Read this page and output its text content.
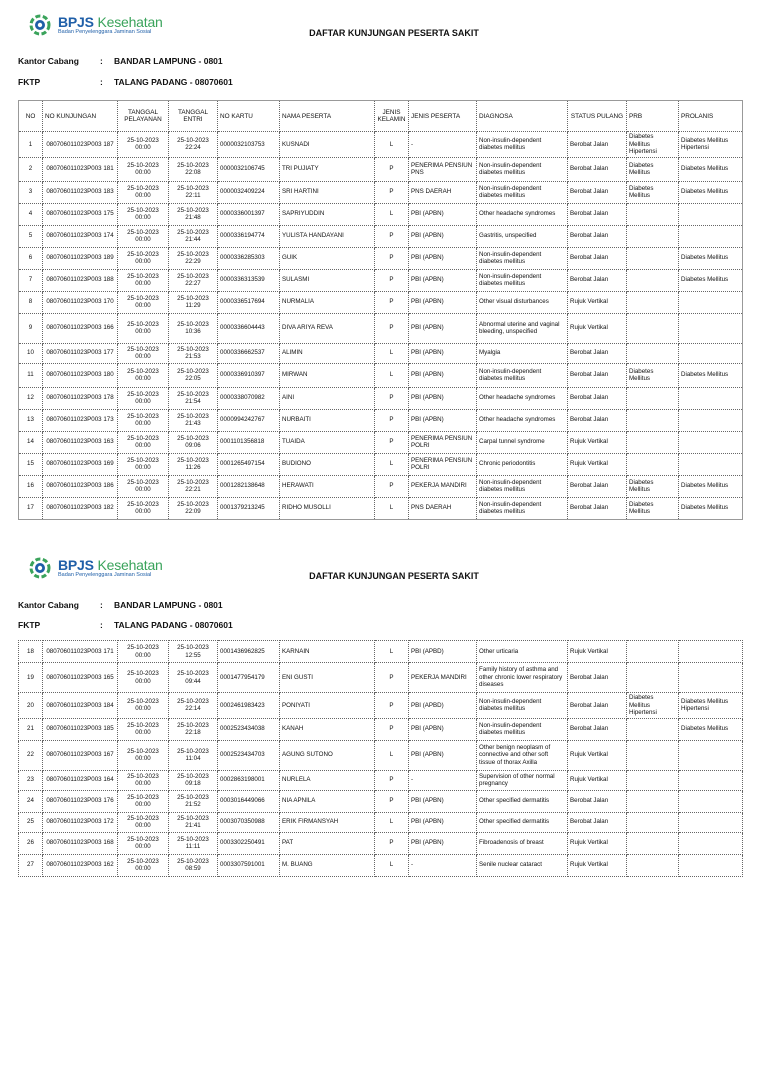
BPJS Kesehatan
Badan Penyelenggara Jaminan Sosial	DAFTAR KUNJUNGAN PESERTA SAKIT
Kantor Cabang : BANDAR LAMPUNG - 0801
FKTP	: TALANG PADANG - 08070601
NO	NO KUNJUNGAN	TANGGAL PELAYANAN	TANGGAL ENTRI	NO KARTU	NAMA PESERTA	JENIS KELAMIN	JENIS PESERTA	DIAGNOSA	STATUS PULANG	PRB	PROLANIS
1	080706011023P003 187	25-10-2023 00:00	25-10-2023 22:24	0000032103753	KUSNADI	L	-	Non-insulin-dependent diabetes mellitus	Berobat Jalan	Diabetes Mellitus Hipertensi	Diabetes Mellitus Hipertensi
2	080706011023P003 181	25-10-2023 00:00	25-10-2023 22:08	0000032106745	TRI PUJIATY	P	PENERIMA PENSIUN PNS	Non-insulin-dependent diabetes mellitus	Berobat Jalan	Diabetes Mellitus	Diabetes Mellitus
3	080706011023P003 183	25-10-2023 00:00	25-10-2023 22:11	0000032409224	SRI HARTINI	P	PNS DAERAH	Non-insulin-dependent diabetes mellitus	Berobat Jalan	Diabetes Mellitus	Diabetes Mellitus
4	080706011023P003 175	25-10-2023 00:00	25-10-2023 21:48	0000336001397	SAPRIYUDDIN	L	PBI (APBN)	Other headache syndromes	Berobat Jalan		
5	080706011023P003 174	25-10-2023 00:00	25-10-2023 21:44	0000336194774	YULISTA HANDAYANI	P	PBI (APBN)	Gastritis, unspecified	Berobat Jalan		
6	080706011023P003 189	25-10-2023 00:00	25-10-2023 22:29	0000336285303	GUIK	P	PBI (APBN)	Non-insulin-dependent diabetes mellitus	Berobat Jalan		Diabetes Mellitus
7	080706011023P003 188	25-10-2023 00:00	25-10-2023 22:27	0000336313539	SULASMI	P	PBI (APBN)	Non-insulin-dependent diabetes mellitus	Berobat Jalan		Diabetes Mellitus
8	080706011023P003 170	25-10-2023 00:00	25-10-2023 11:29	0000336517694	NURMALIA	P	PBI (APBN)	Other visual disturbances	Rujuk Vertikal		
9	080706011023P003 166	25-10-2023 00:00	25-10-2023 10:36	0000336604443	DIVA ARIYA REVA	P	PBI (APBN)	Abnormal uterine and vaginal bleeding, unspecified	Rujuk Vertikal		
10	080706011023P003 177	25-10-2023 00:00	25-10-2023 21:53	0000336662537	ALIMIN	L	PBI (APBN)	Myalgia	Berobat Jalan		
11	080706011023P003 180	25-10-2023 00:00	25-10-2023 22:05	0000336910397	MIRWAN	L	PBI (APBN)	Non-insulin-dependent diabetes mellitus	Berobat Jalan	Diabetes Mellitus	Diabetes Mellitus
12	080706011023P003 178	25-10-2023 00:00	25-10-2023 21:54	0000338070982	AINI	P	PBI (APBN)	Other headache syndromes	Berobat Jalan		
13	080706011023P003 173	25-10-2023 00:00	25-10-2023 21:43	0000994242767	NURBAITI	P	PBI (APBN)	Other headache syndromes	Berobat Jalan		
14	080706011023P003 163	25-10-2023 00:00	25-10-2023 09:06	0001101356818	TUAIDA	P	PENERIMA PENSIUN POLRI	Carpal tunnel syndrome	Rujuk Vertikal		
15	080706011023P003 169	25-10-2023 00:00	25-10-2023 11:26	0001265497154	BUDIONO	L	PENERIMA PENSIUN POLRI	Chronic periodontitis	Rujuk Vertikal		
16	080706011023P003 186	25-10-2023 00:00	25-10-2023 22:21	0001282138648	HERAWATI	P	PEKERJA MANDIRI	Non-insulin-dependent diabetes mellitus	Berobat Jalan	Diabetes Mellitus	Diabetes Mellitus
17	080706011023P003 182	25-10-2023 00:00	25-10-2023 22:09	0001379213245	RIDHO MUSOLLI	L	PNS DAERAH	Non-insulin-dependent diabetes mellitus	Berobat Jalan	Diabetes Mellitus	Diabetes Mellitus
BPJS Kesehatan
Badan Penyelenggara Jaminan Sosial	DAFTAR KUNJUNGAN PESERTA SAKIT
Kantor Cabang : BANDAR LAMPUNG - 0801
FKTP	: TALANG PADANG - 08070601
18	080706011023P003 171	25-10-2023 00:00	25-10-2023 12:55	0001436962825	KARNAIN	L	PBI (APBD)	Other urticaria	Rujuk Vertikal		
19	080706011023P003 165	25-10-2023 00:00	25-10-2023 09:44	0001477954179	ENI GUSTI	P	PEKERJA MANDIRI	Family history of asthma and other chronic lower respiratory diseases	Berobat Jalan		
20	080706011023P003 184	25-10-2023 00:00	25-10-2023 22:14	0002461983423	PONIYATI	P	PBI (APBD)	Non-insulin-dependent diabetes mellitus	Berobat Jalan	Diabetes Mellitus Hipertensi	Diabetes Mellitus Hipertensi
21	080706011023P003 185	25-10-2023 00:00	25-10-2023 22:18	0002523434038	KANAH	P	PBI (APBN)	Non-insulin-dependent diabetes mellitus	Berobat Jalan		Diabetes Mellitus
22	080706011023P003 167	25-10-2023 00:00	25-10-2023 11:04	0002523434703	AGUNG SUTONO	L	PBI (APBN)	Other benign neoplasm of connective and other soft tissue of thorax Axilla	Rujuk Vertikal		
23	080706011023P003 164	25-10-2023 00:00	25-10-2023 09:18	0002863198001	NURLELA	P	-	Supervision of other normal pregnancy	Rujuk Vertikal		
24	080706011023P003 176	25-10-2023 00:00	25-10-2023 21:52	0003016449066	NIA APNILA	P	PBI (APBN)	Other specified dermatitis	Berobat Jalan		
25	080706011023P003 172	25-10-2023 00:00	25-10-2023 21:41	0003070350988	ERIK FIRMANSYAH	L	PBI (APBN)	Other specified dermatitis	Berobat Jalan		
26	080706011023P003 168	25-10-2023 00:00	25-10-2023 11:11	0003302250491	PAT	P	PBI (APBN)	Fibroadenosis of breast	Rujuk Vertikal		
27	080706011023P003 162	25-10-2023 00:00	25-10-2023 08:59	0003307591001	M. BUANG	L	-	Senile nuclear cataract	Rujuk Vertikal		
